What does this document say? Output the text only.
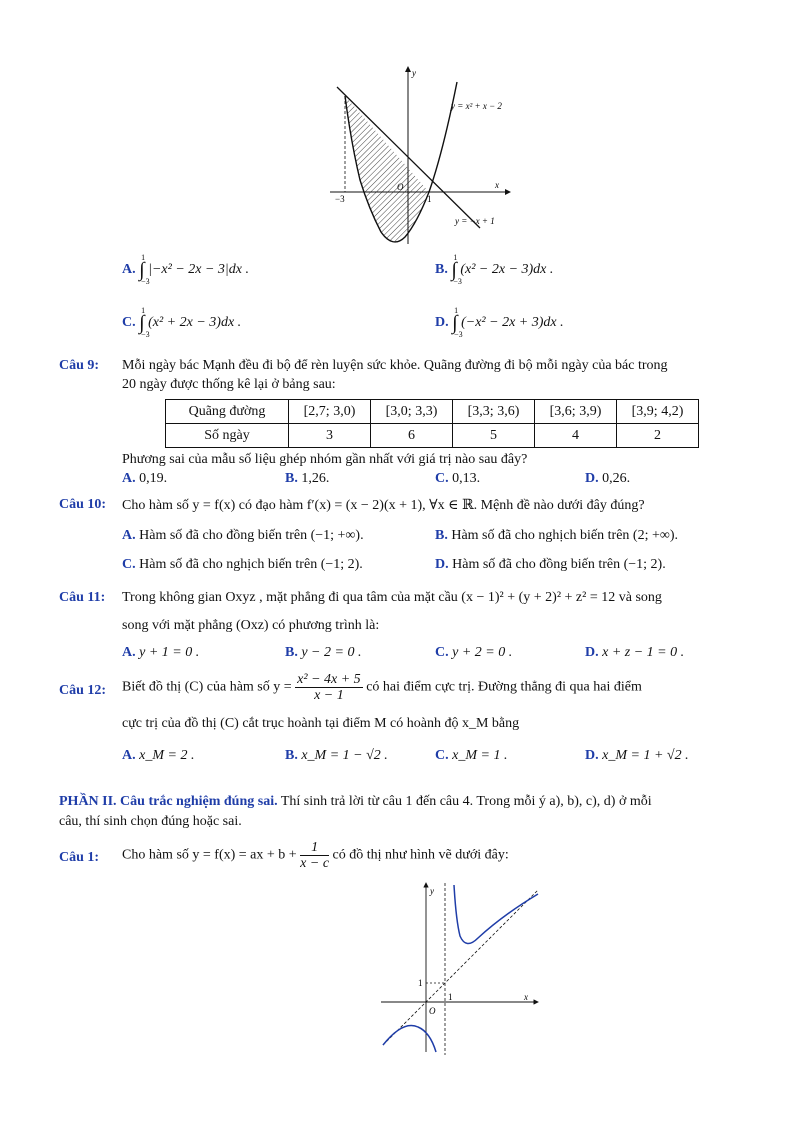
y
x
O
−3	1
y = x² + x − 2
y = −x + 1
A. ∫
1
−3
|−x² − 2x − 3|dx .	B. ∫
1
−3
(x² − 2x − 3)dx .
C. ∫
1
−3
(x² + 2x − 3)dx .	D. ∫
1
−3
(−x² − 2x + 3)dx .
Câu 9: Mỗi ngày bác Mạnh đều đi bộ để rèn luyện sức khỏe. Quãng đường đi bộ mỗi ngày của bác trong
20 ngày được thống kê lại ở bảng sau:
Quãng đường	[2,7; 3,0)	[3,0; 3,3)	[3,3; 3,6)	[3,6; 3,9)	[3,9; 4,2)
Số ngày	3	6	5	4	2
Phương sai của mẫu số liệu ghép nhóm gần nhất với giá trị nào sau đây?
A. 0,19.	B. 1,26.	C. 0,13.	D. 0,26.
Câu 10: Cho hàm số y = f(x) có đạo hàm f′(x) = (x − 2)(x + 1), ∀x ∈ ℝ. Mệnh đề nào dưới đây đúng?
A. Hàm số đã cho đồng biến trên (−1; +∞).	B. Hàm số đã cho nghịch biến trên (2; +∞).
C. Hàm số đã cho nghịch biến trên (−1; 2).	D. Hàm số đã cho đồng biến trên (−1; 2).
Câu 11: Trong không gian Oxyz , mặt phẳng đi qua tâm của mặt cầu (x − 1)² + (y + 2)² + z² = 12 và song
song với mặt phẳng (Oxz) có phương trình là:
A. y + 1 = 0 .	B. y − 2 = 0 .	C. y + 2 = 0 .	D. x + z − 1 = 0 .
Câu 12: Biết đồ thị (C) của hàm số $y = \frac{\text{x² − 4x + 5}}{x - 1}$ có hai điểm cực trị. Đường thẳng đi qua hai điểm
cực trị của đồ thị (C) cắt trục hoành tại điểm M có hoành độ x_M bằng
A. x_M = 2 .	B. x_M = 1 − √2 .	C. x_M = 1 .	D. x_M = 1 + √2 .
PHẦN II. Câu trắc nghiệm đúng sai. Thí sinh trả lời từ câu 1 đến câu 4. Trong mỗi ý a), b), c), d) ở mỗi
câu, thí sinh chọn đúng hoặc sai.
Câu 1: Cho hàm số y = f(x) = ax + $b + \frac{1}{x - c}$ có đồ thị như hình vẽ dưới đây:
y
x
O
1
1
